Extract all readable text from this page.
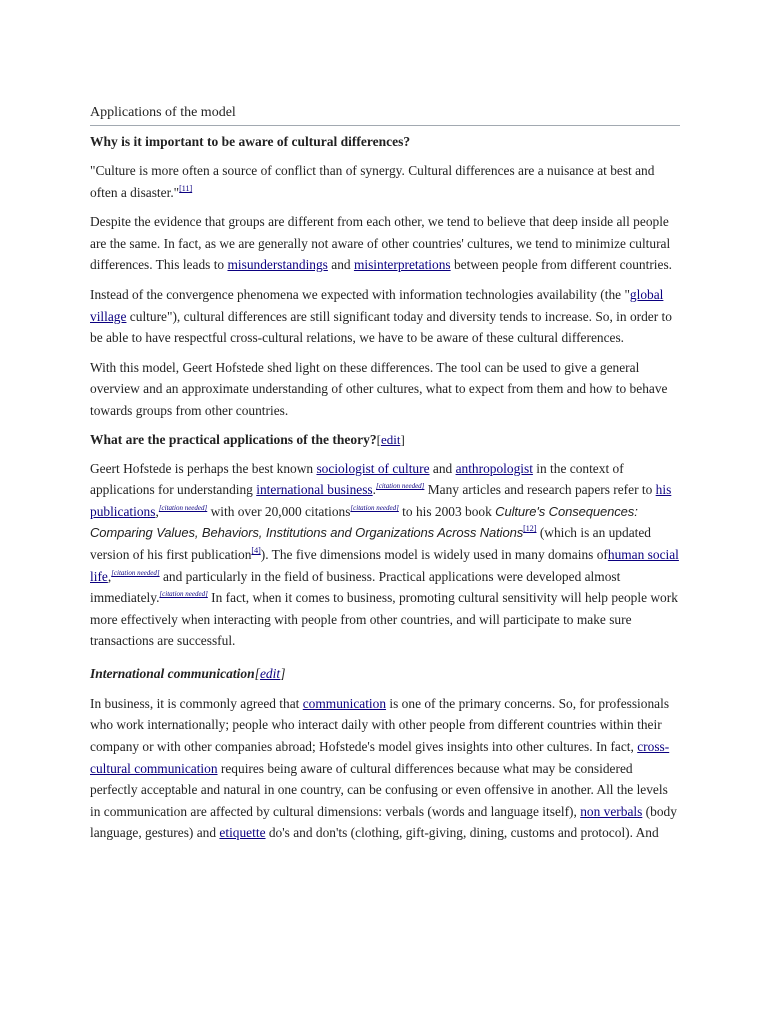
Applications of the model
Why is it important to be aware of cultural differences?

"Culture is more often a source of conflict than of synergy. Cultural differences are a nuisance at best and often a disaster."[11]

Despite the evidence that groups are different from each other, we tend to believe that deep inside all people are the same. In fact, as we are generally not aware of other countries' cultures, we tend to minimize cultural differences. This leads to misunderstandings and misinterpretations between people from different countries.

Instead of the convergence phenomena we expected with information technologies availability (the "global village culture"), cultural differences are still significant today and diversity tends to increase. So, in order to be able to have respectful cross-cultural relations, we have to be aware of these cultural differences.

With this model, Geert Hofstede shed light on these differences. The tool can be used to give a general overview and an approximate understanding of other cultures, what to expect from them and how to behave towards groups from other countries.

What are the practical applications of the theory?[edit]

Geert Hofstede is perhaps the best known sociologist of culture and anthropologist in the context of applications for understanding international business.[citation needed] Many articles and research papers refer to his publications,[citation needed] with over 20,000 citations[citation needed] to his 2003 book Culture's Consequences: Comparing Values, Behaviors, Institutions and Organizations Across Nations[12] (which is an updated version of his first publication[4]). The five dimensions model is widely used in many domains ofhuman social life,[citation needed] and particularly in the field of business. Practical applications were developed almost immediately.[citation needed] In fact, when it comes to business, promoting cultural sensitivity will help people work more effectively when interacting with people from other countries, and will participate to make sure transactions are successful.

International communication[edit]

In business, it is commonly agreed that communication is one of the primary concerns. So, for professionals who work internationally; people who interact daily with other people from different countries within their company or with other companies abroad; Hofstede's model gives insights into other cultures. In fact, cross-cultural communication requires being aware of cultural differences because what may be considered perfectly acceptable and natural in one country, can be confusing or even offensive in another. All the levels in communication are affected by cultural dimensions: verbals (words and language itself), non verbals (body language, gestures) and etiquette do's and don'ts (clothing, gift-giving, dining, customs and protocol). And
